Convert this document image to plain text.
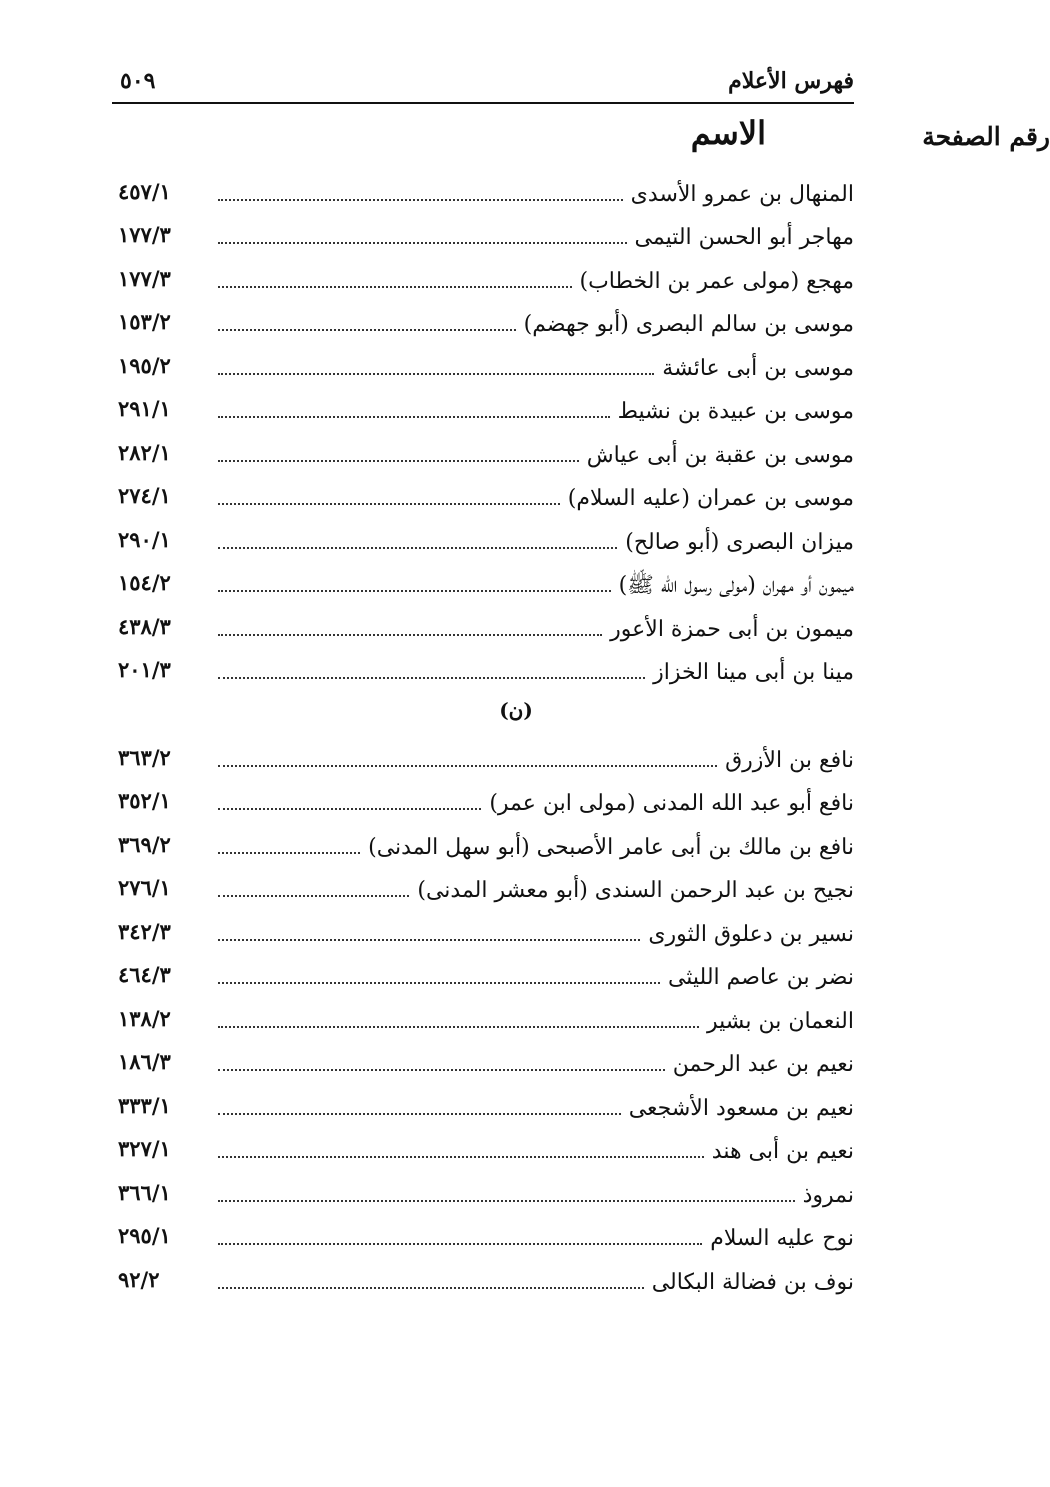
فهرس الأعلام
٥٠٩
الاسم	رقم الصفحة
المنهال بن عمرو الأسدى
٤٥٧/١
مهاجر أبو الحسن التيمى
١٧٧/٣
مهجع (مولى عمر بن الخطاب)
١٧٧/٣
موسى بن سالم البصرى (أبو جهضم)
١٥٣/٢
موسى بن أبى عائشة
١٩٥/٢
موسى بن عبيدة بن نشيط
٢٩١/١
موسى بن عقبة بن أبى عياش
٢٨٢/١
موسى بن عمران (عليه السلام)
٢٧٤/١
ميزان البصرى (أبو صالح)
٢٩٠/١
ميمون أو مهران (مولى رسول الله ﷺ)
١٥٤/٢
ميمون بن أبى حمزة الأعور
٤٣٨/٣
مينا بن أبى مينا الخزاز
٢٠١/٣
(ن)
نافع بن الأزرق
٣٦٣/٢
نافع أبو عبد الله المدنى (مولى ابن عمر)
٣٥٢/١
نافع بن مالك بن أبى عامر الأصبحى (أبو سهل المدنى)
٣٦٩/٢
نجيح بن عبد الرحمن السندى (أبو معشر المدنى)
٢٧٦/١
نسير بن دعلوق الثورى
٣٤٢/٣
نضر بن عاصم الليثى
٤٦٤/٣
النعمان بن بشير
١٣٨/٢
نعيم بن عبد الرحمن
١٨٦/٣
نعيم بن مسعود الأشجعى
٣٣٣/١
نعيم بن أبى هند
٣٢٧/١
نمروذ
٣٦٦/١
نوح عليه السلام
٢٩٥/١
نوف بن فضالة البكالى
٩٢/٢
